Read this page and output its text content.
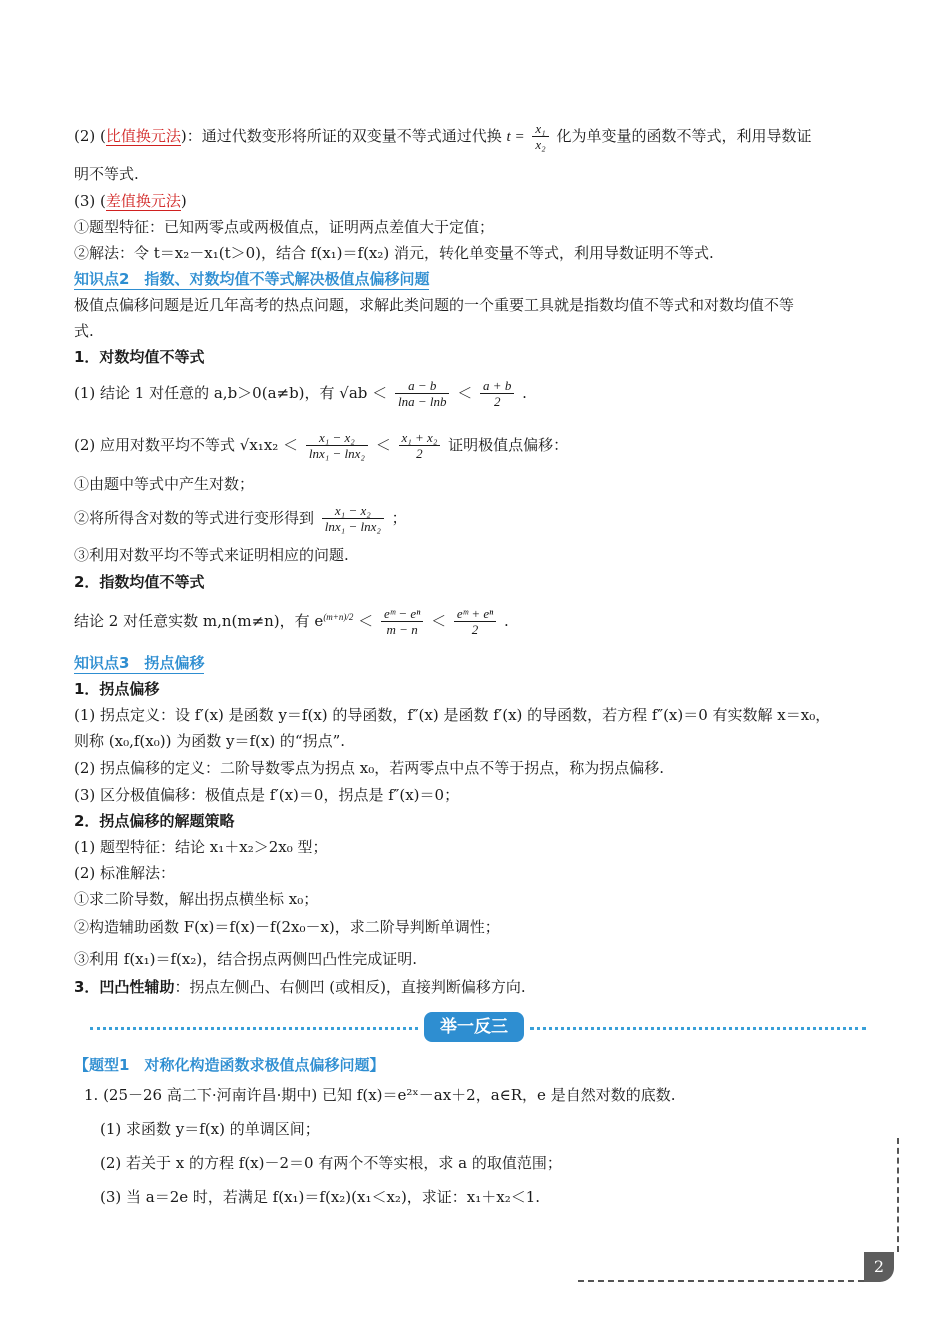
(2) (比值换元法)：通过代数变形将所证的双变量不等式通过代换 $t = \frac{\text{x₁}}{\text{x₂}}$ 化为单变量的函数不等式，利用导数证
明不等式.
(3) (差值换元法)
①题型特征：已知两零点或两极值点，证明两点差值大于定值；
②解法：令 t＝x₂－x₁(t＞0)，结合 f(x₁)＝f(x₂) 消元，转化单变量不等式，利用导数证明不等式.
知识点2　指数、对数均值不等式解决极值点偏移问题
极值点偏移问题是近几年高考的热点问题，求解此类问题的一个重要工具就是指数均值不等式和对数均值不等
式.
1．对数均值不等式
(1) 结论 1 对任意的 a,b＞0(a≠b)，有 $√ab < \frac{a - b}{\ln a - \ln b} < \frac{a + b}{2}$ .
(2) 应用对数平均不等式 $√x_1x_2 < \frac{\text{x₁ − x₂}}{\text{lnx₁ − lnx₂}} < \frac{\text{x₁ + x₂}}{2}$ 证明极值点偏移：
①由题中等式中产生对数；
②将所得含对数的等式进行变形得到 $\frac{\text{x₁ − x₂}}{\text{lnx₁ − lnx₂}}$ ；
③利用对数平均不等式来证明相应的问题.
2．指数均值不等式
结论 2 对任意实数 m,n(m≠n)，有 $e^{(m+n)/2} < \frac{\text{eᵐ − eⁿ}}{m - n} < \frac{\text{eᵐ + eⁿ}}{2}$ .
知识点3　拐点偏移
1．拐点偏移
(1) 拐点定义：设 f′(x) 是函数 y＝f(x) 的导函数，f″(x) 是函数 f′(x) 的导函数，若方程 f″(x)＝0 有实数解 x＝x₀，
则称 (x₀,f(x₀)) 为函数 y＝f(x) 的“拐点”.
(2) 拐点偏移的定义：二阶导数零点为拐点 x₀，若两零点中点不等于拐点，称为拐点偏移.
(3) 区分极值偏移：极值点是 f′(x)＝0，拐点是 f″(x)＝0；
2．拐点偏移的解题策略
(1) 题型特征：结论 x₁＋x₂＞2x₀ 型；
(2) 标准解法：
①求二阶导数，解出拐点横坐标 x₀；
②构造辅助函数 F(x)＝f(x)－f(2x₀－x)，求二阶导判断单调性；
③利用 f(x₁)＝f(x₂)，结合拐点两侧凹凸性完成证明.
3．凹凸性辅助：拐点左侧凸、右侧凹 (或相反)，直接判断偏移方向.
举一反三
【题型1　对称化构造函数求极值点偏移问题】
1. (25－26 高二下·河南许昌·期中) 已知 f(x)＝e²ˣ－ax＋2，a∈R，e 是自然对数的底数.
(1) 求函数 y＝f(x) 的单调区间；
(2) 若关于 x 的方程 f(x)－2＝0 有两个不等实根，求 a 的取值范围；
(3) 当 a＝2e 时，若满足 f(x₁)＝f(x₂)(x₁＜x₂)，求证：x₁＋x₂＜1.
2
